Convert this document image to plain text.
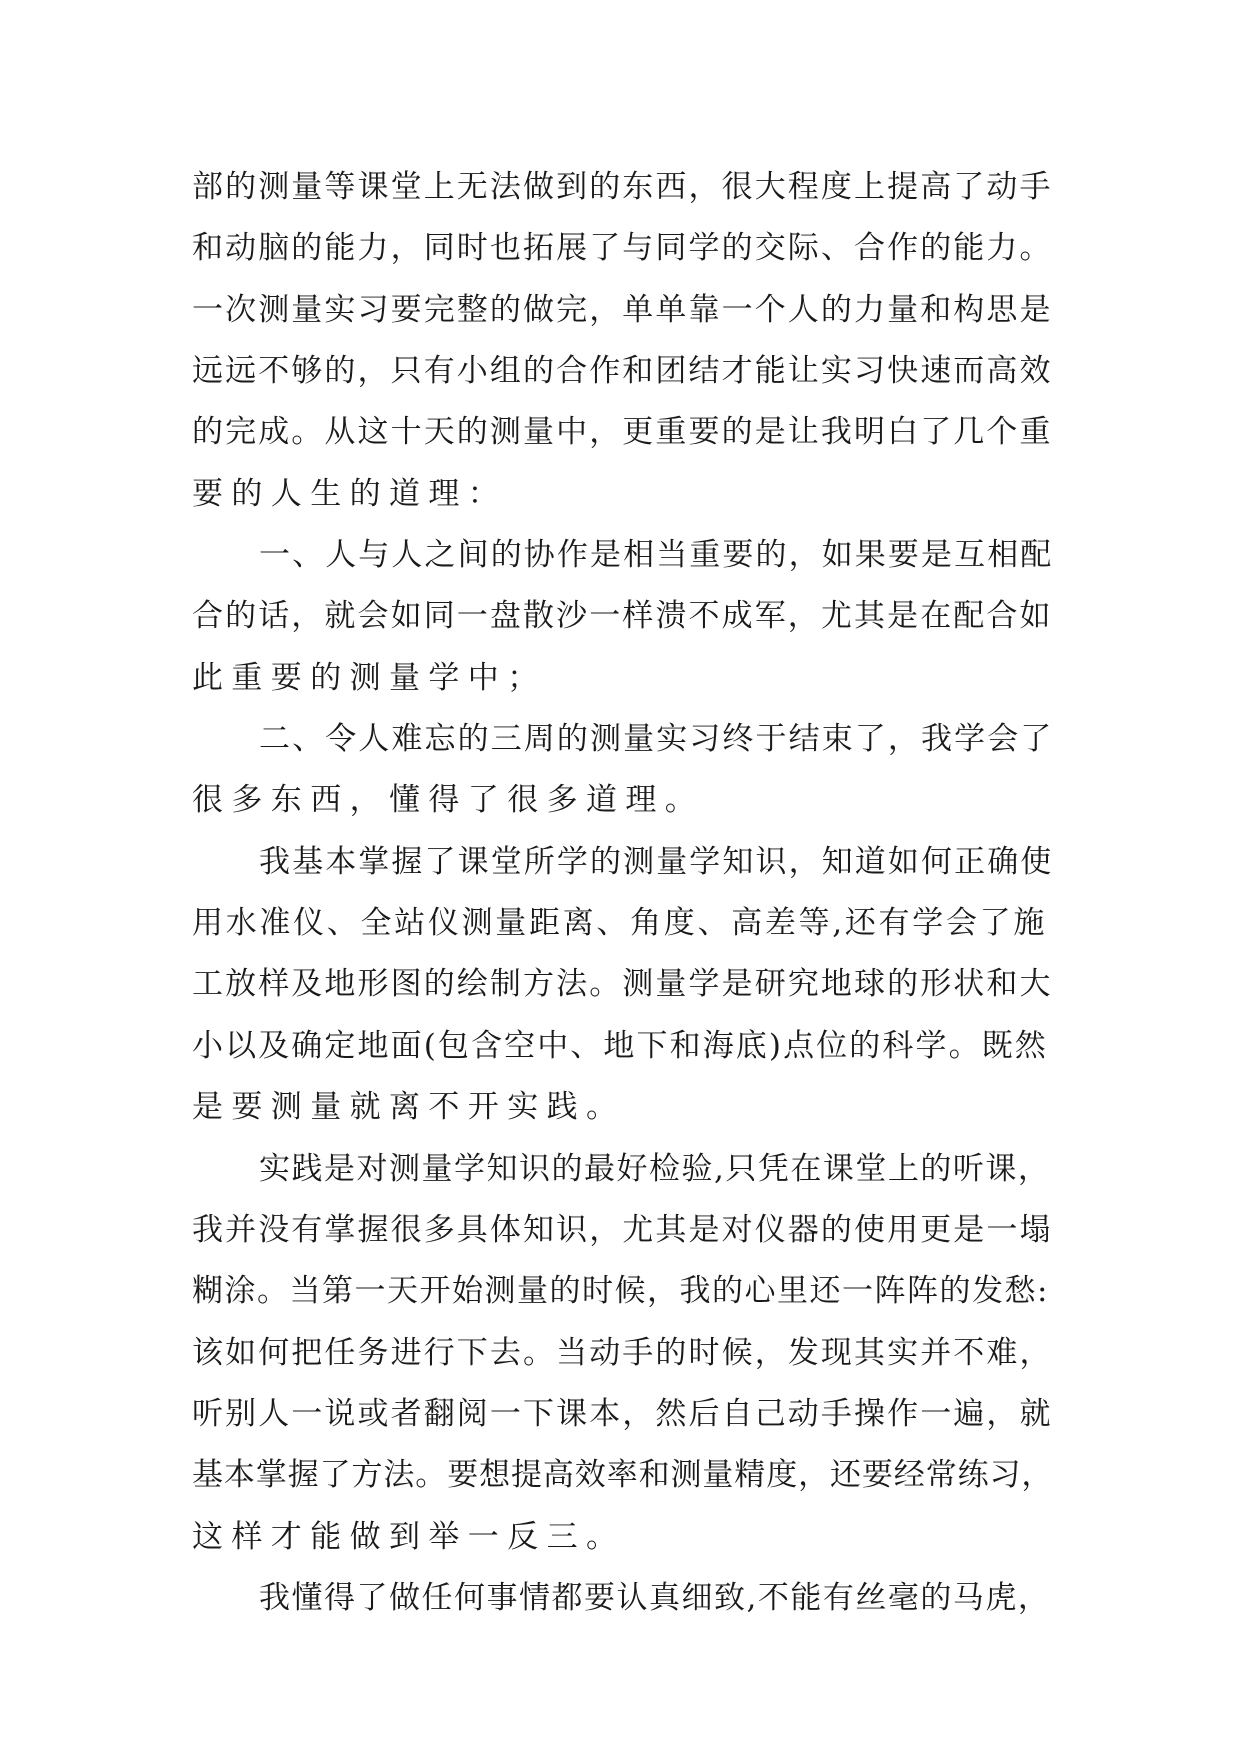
部的测量等课堂上无法做到的东西，很大程度上提高了动手
和动脑的能力，同时也拓展了与同学的交际、合作的能力。
一次测量实习要完整的做完，单单靠一个人的力量和构思是
远远不够的，只有小组的合作和团结才能让实习快速而高效
的完成。从这十天的测量中，更重要的是让我明白了几个重
要的人生的道理：
一、人与人之间的协作是相当重要的，如果要是互相配
合的话，就会如同一盘散沙一样溃不成军，尤其是在配合如
此重要的测量学中；
二、令人难忘的三周的测量实习终于结束了，我学会了
很多东西，懂得了很多道理。
我基本掌握了课堂所学的测量学知识，知道如何正确使
用水准仪、全站仪测量距离、角度、高差等,还有学会了施
工放样及地形图的绘制方法。测量学是研究地球的形状和大
小以及确定地面(包含空中、地下和海底)点位的科学。既然
是要测量就离不开实践。
实践是对测量学知识的最好检验,只凭在课堂上的听课，
我并没有掌握很多具体知识，尤其是对仪器的使用更是一塌
糊涂。当第一天开始测量的时候，我的心里还一阵阵的发愁:
该如何把任务进行下去。当动手的时候，发现其实并不难，
听别人一说或者翻阅一下课本，然后自己动手操作一遍，就
基本掌握了方法。要想提高效率和测量精度，还要经常练习，
这样才能做到举一反三。
我懂得了做任何事情都要认真细致,不能有丝毫的马虎，
